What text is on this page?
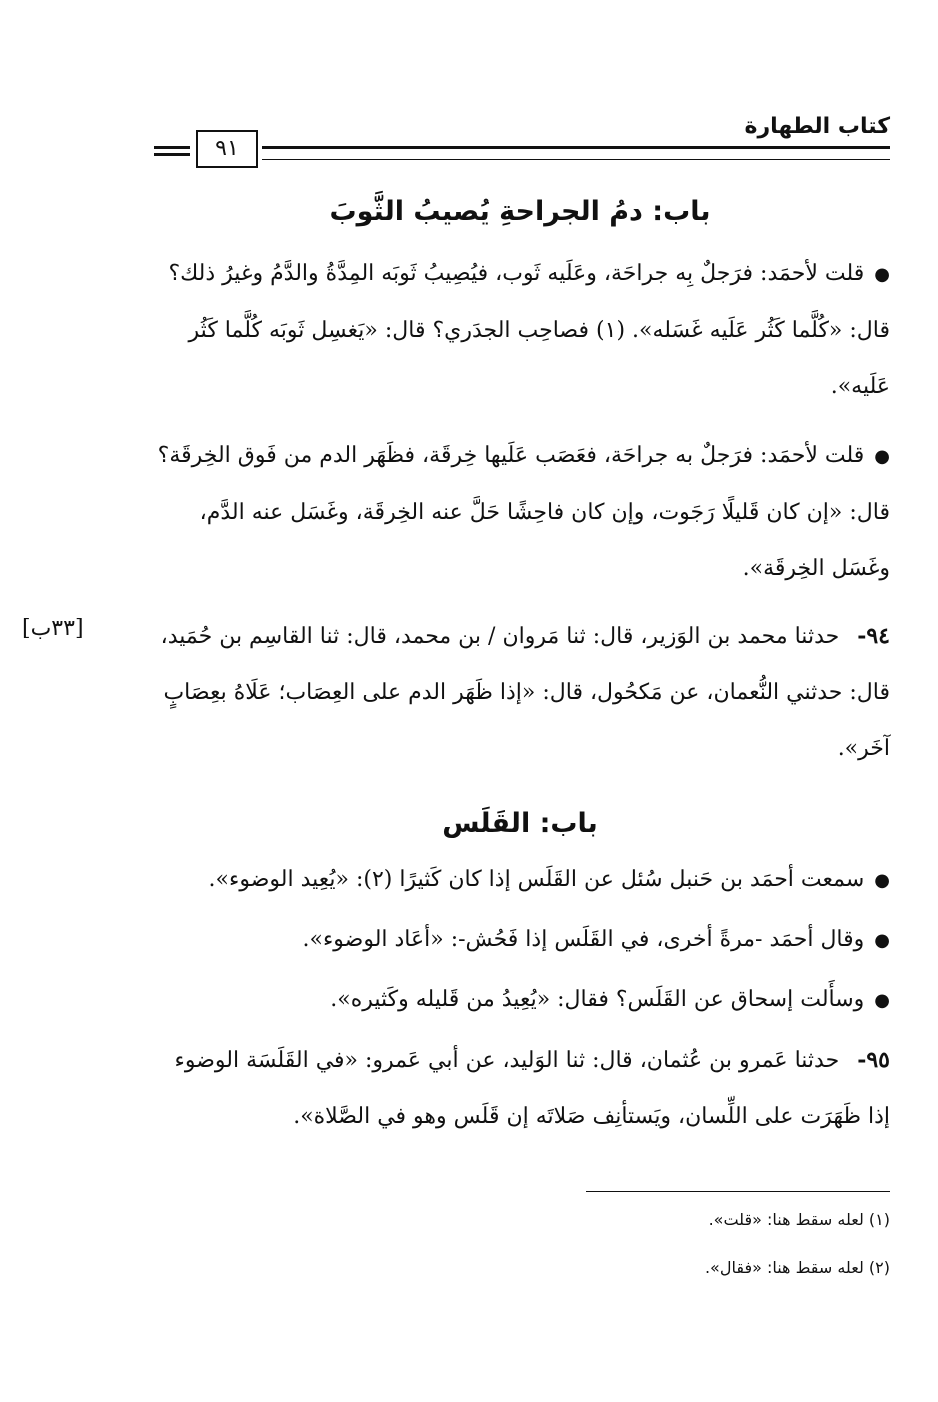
كتاب الطهارة
٩١
باب: دمُ الجراحةِ يُصيبُ الثَّوبَ
●قلت لأحمَد: فرَجلٌ بِه جراحَة، وعَلَيه ثَوب، فيُصِيبُ ثَوبَه المِدَّةُ والدَّمُ وغيرُ ذلك؟ قال: «كُلَّما كَثُر عَلَيه غَسَله». (١) فصاحِب الجدَري؟ قال: «يَغسِل ثَوبَه كُلَّما كَثُر عَلَيه».
●قلت لأحمَد: فرَجلٌ به جراحَة، فعَصَب عَلَيها خِرقَة، فظَهَر الدم من فَوق الخِرقَة؟ قال: «إن كان قَليلًا رَجَوت، وإن كان فاحِشًا حَلَّ عنه الخِرقَة، وغَسَل عنه الدَّم، وغَسَل الخِرقَة».
٩٤-حدثنا محمد بن الوَزير، قال: ثنا مَروان / بن محمد، قال: ثنا القاسِم بن حُمَيد، قال: حدثني النُّعمان، عن مَكحُول، قال: «إذا ظَهَر الدم على العِصَاب؛ عَلَاهُ بعِصَابٍ آخَر».
[٣٣ب]
باب: القَلَس
●سمعت أحمَد بن حَنبل سُئل عن القَلَس إذا كان كَثيرًا (٢): «يُعِيد الوضوء».
●وقال أحمَد -مرةً أخرى، في القَلَس إذا فَحُش-: «أعَاد الوضوء».
●وسأَلت إسحاق عن القَلَس؟ فقال: «يُعِيدُ من قَليله وكَثيره».
٩٥-حدثنا عَمرو بن عُثمان، قال: ثنا الوَليد، عن أبي عَمرو: «في القَلَسَة الوضوء إذا ظَهَرَت على اللِّسان، ويَستأنِف صَلاتَه إن قَلَس وهو في الصَّلاة».
(١) لعله سقط هنا: «قلت».
(٢) لعله سقط هنا: «فقال».
